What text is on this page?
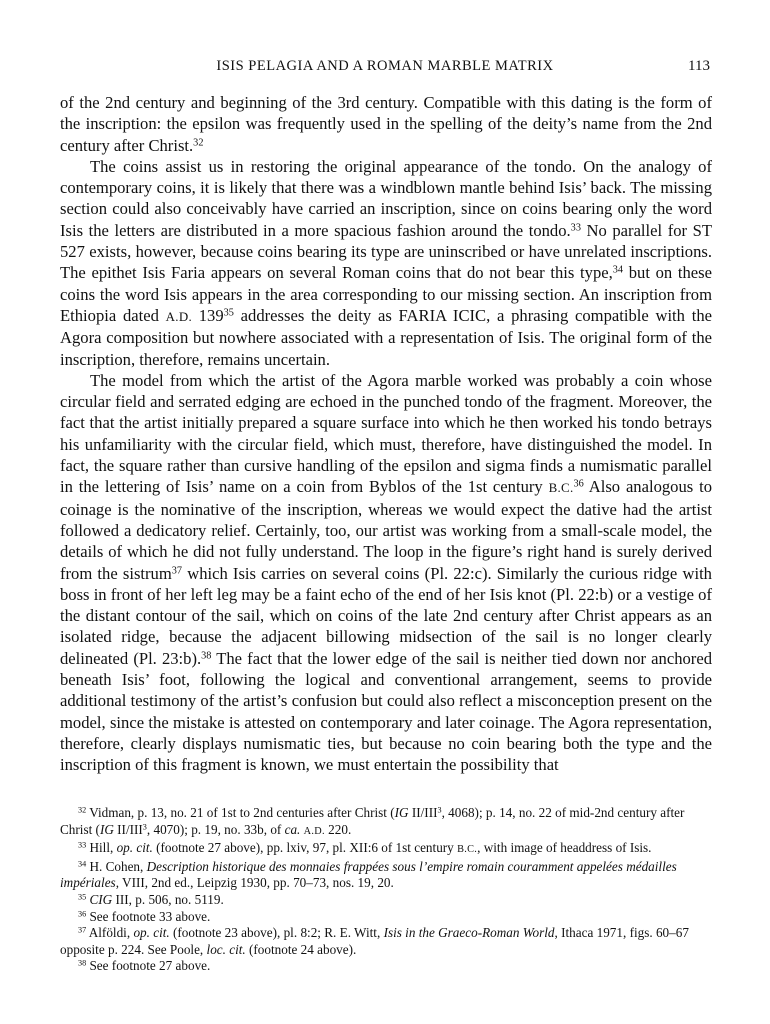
ISIS PELAGIA AND A ROMAN MARBLE MATRIX	113

of the 2nd century and beginning of the 3rd century. Compatible with this dating is the form of the inscription: the epsilon was frequently used in the spelling of the deity’s name from the 2nd century after Christ.$^{32}$

The coins assist us in restoring the original appearance of the tondo. On the analogy of contemporary coins, it is likely that there was a windblown mantle behind Isis’ back. The missing section could also conceivably have carried an inscription, since on coins bearing only the word Isis the letters are distributed in a more spacious fashion around the tondo.$^{33}$ No parallel for ST 527 exists, however, because coins bearing its type are uninscribed or have unrelated inscriptions. The epithet Isis Faria appears on several Roman coins that do not bear this type,$^{34}$ but on these coins the word Isis appears in the area corresponding to our missing section. An inscription from Ethiopia dated A.D. $139^{35}$ addresses the deity as FARIA ICIC, a phrasing compatible with the Agora composition but nowhere associated with a representation of Isis. The original form of the inscription, therefore, remains uncertain.

The model from which the artist of the Agora marble worked was probably a coin whose circular field and serrated edging are echoed in the punched tondo of the fragment. Moreover, the fact that the artist initially prepared a square surface into which he then worked his tondo betrays his unfamiliarity with the circular field, which must, therefore, have distinguished the model. In fact, the square rather than cursive handling of the epsilon and sigma finds a numismatic parallel in the lettering of Isis’ name on a coin from Byblos of the 1st century B.C.$^{36}$ Also analogous to coinage is the nominative of the inscription, whereas we would expect the dative had the artist followed a dedicatory relief. Certainly, too, our artist was working from a small-scale model, the details of which he did not fully understand. The loop in the figure’s right hand is surely derived from the sistrum$^{37}$ which Isis carries on several coins (Pl. 22:c). Similarly the curious ridge with boss in front of her left leg may be a faint echo of the end of her Isis knot (Pl. 22:b) or a vestige of the distant contour of the sail, which on coins of the late 2nd century after Christ appears as an isolated ridge, because the adjacent billowing midsection of the sail is no longer clearly delineated (Pl. 23:b).$^{38}$ The fact that the lower edge of the sail is neither tied down nor anchored beneath Isis’ foot, following the logical and conventional arrangement, seems to provide additional testimony of the artist’s confusion but could also reflect a misconception present on the model, since the mistake is attested on contemporary and later coinage. The Agora representation, therefore, clearly displays numismatic ties, but because no coin bearing both the type and the inscription of this fragment is known, we must entertain the possibility that

$^{32}$ Vidman, p. 13, no. 21 of 1st to 2nd centuries after Christ (IG II/III$^3$, 4068); p. 14, no. 22 of mid-2nd century after Christ (IG II/III$^3$, 4070); p. 19, no. 33b, of ca. A.D. 220.

$^{33}$ Hill, op. cit. (footnote 27 above), pp. lxiv, 97, pl. XII:6 of 1st century B.C., with image of headdress of Isis.

$^{34}$ H. Cohen, Description historique des monnaies frappées sous l’empire romain couramment appelées médailles impériales, VIII, 2nd ed., Leipzig 1930, pp. 70–73, nos. 19, 20.

$^{35}$ CIG III, p. 506, no. 5119.

$^{36}$ See footnote 33 above.

$^{37}$ Alföldi, op. cit. (footnote 23 above), pl. 8:2; R. E. Witt, Isis in the Graeco-Roman World, Ithaca 1971, figs. 60–67 opposite p. 224. See Poole, loc. cit. (footnote 24 above).

$^{38}$ See footnote 27 above.
